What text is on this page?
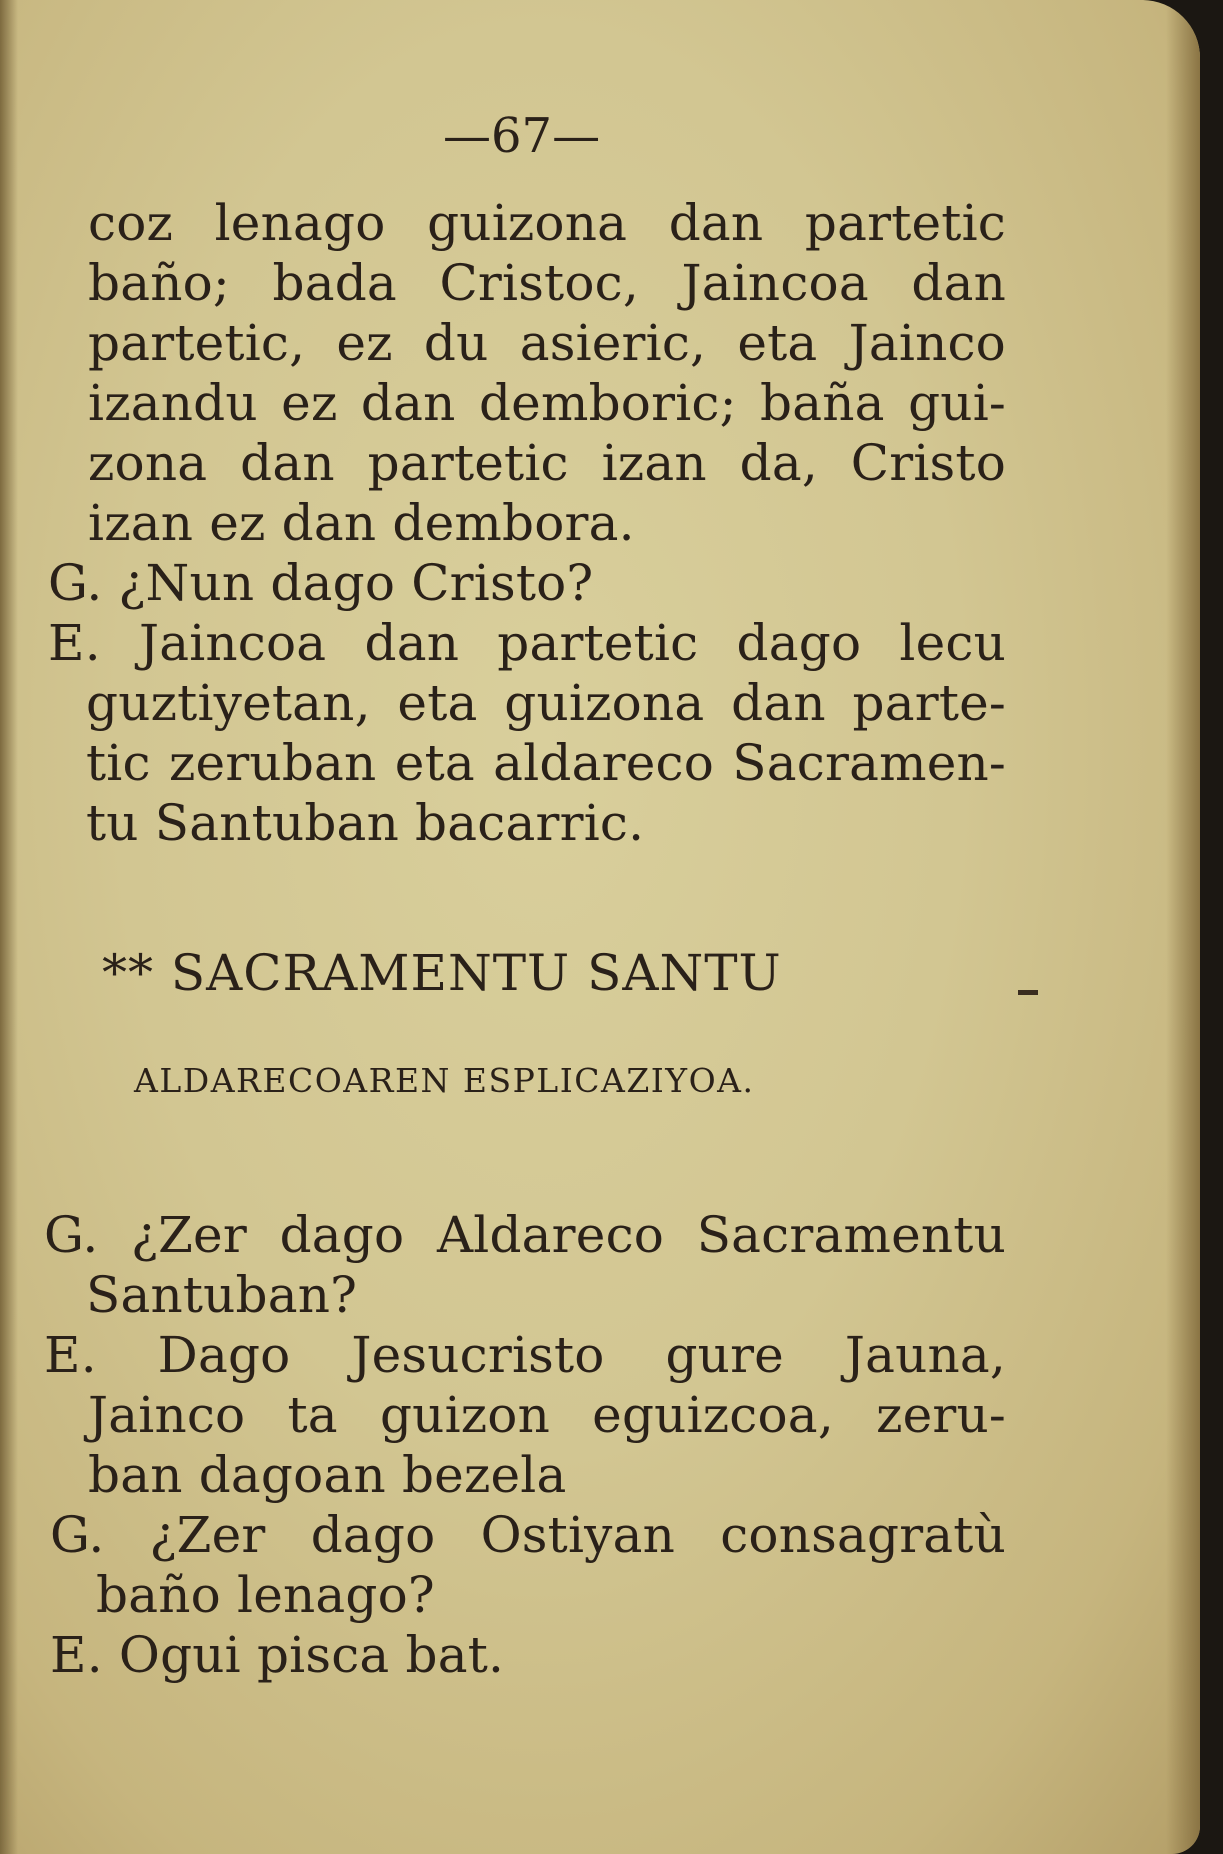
—67—
coz lenago guizona dan partetic
baño; bada Cristoc, Jaincoa dan
partetic, ez du asieric, eta Jainco
izandu ez dan demboric; baña gui-
zona dan partetic izan da, Cristo
izan ez dan dembora.
G. ¿Nun dago Cristo?
E. Jaincoa dan partetic dago lecu
guztiyetan, eta guizona dan parte-
tic zeruban eta aldareco Sacramen-
tu Santuban bacarric.
** SACRAMENTU SANTU
ALDARECOAREN ESPLICAZIYOA.
G. ¿Zer dago Aldareco Sacramentu
Santuban?
E. Dago Jesucristo gure Jauna,
Jainco ta guizon eguizcoa, zeru-
ban dagoan bezela
G. ¿Zer dago Ostiyan consagratù
baño lenago?
E. Ogui pisca bat.
